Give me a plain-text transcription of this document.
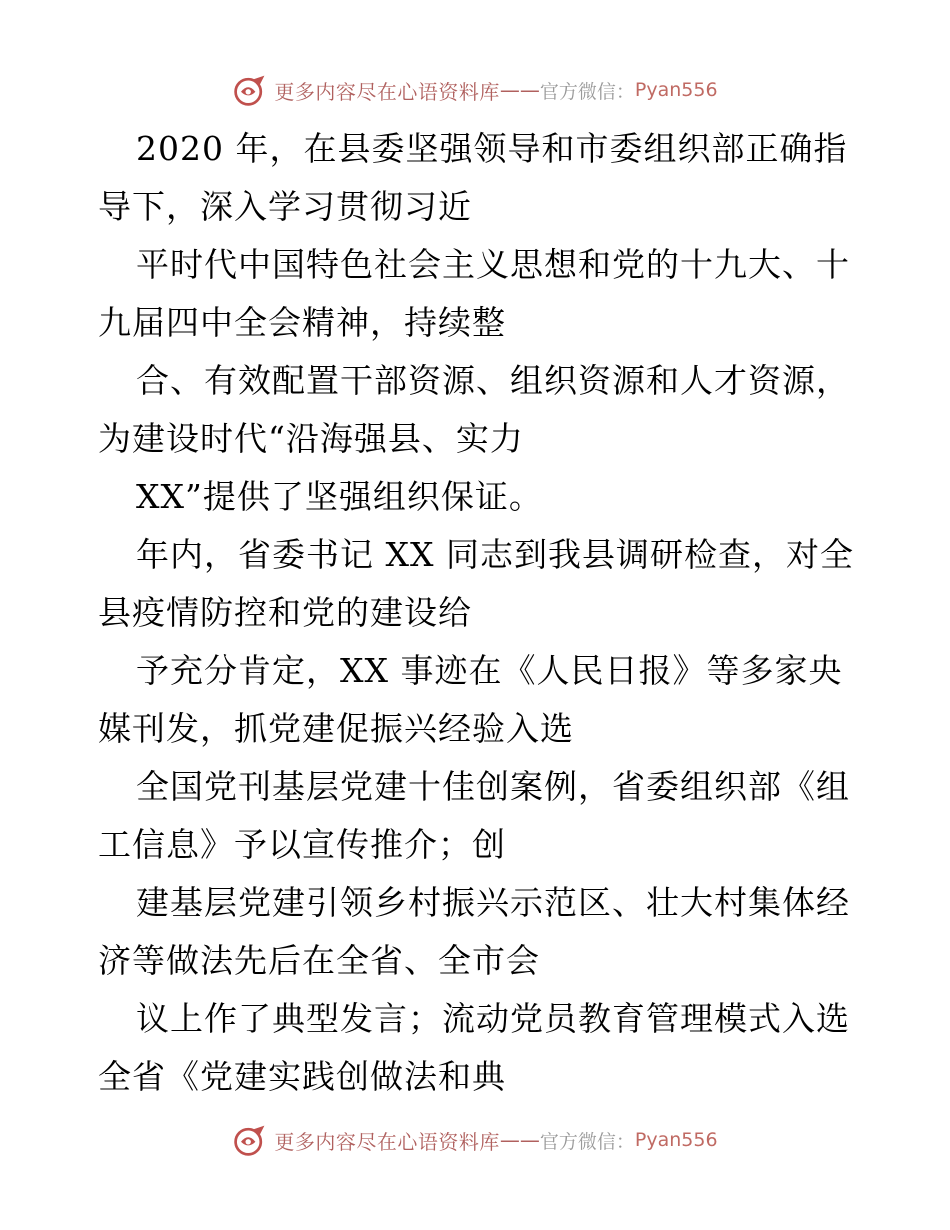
更多内容尽在心语资料库 —— 官方微信： Pyan556
2020 年，在县委坚强领导和市委组织部正确指
导下，深入学习贯彻习近
平时代中国特色社会主义思想和党的十九大、十
九届四中全会精神，持续整
合、有效配置干部资源、组织资源和人才资源，
为建设时代“沿海强县、实力
XX”提供了坚强组织保证。
年内，省委书记 XX 同志到我县调研检查，对全
县疫情防控和党的建设给
予充分肯定，XX 事迹在《人民日报》等多家央
媒刊发，抓党建促振兴经验入选
全国党刊基层党建十佳创案例，省委组织部《组
工信息》予以宣传推介；创
建基层党建引领乡村振兴示范区、壮大村集体经
济等做法先后在全省、全市会
议上作了典型发言；流动党员教育管理模式入选
全省《党建实践创做法和典
更多内容尽在心语资料库 —— 官方微信： Pyan556
